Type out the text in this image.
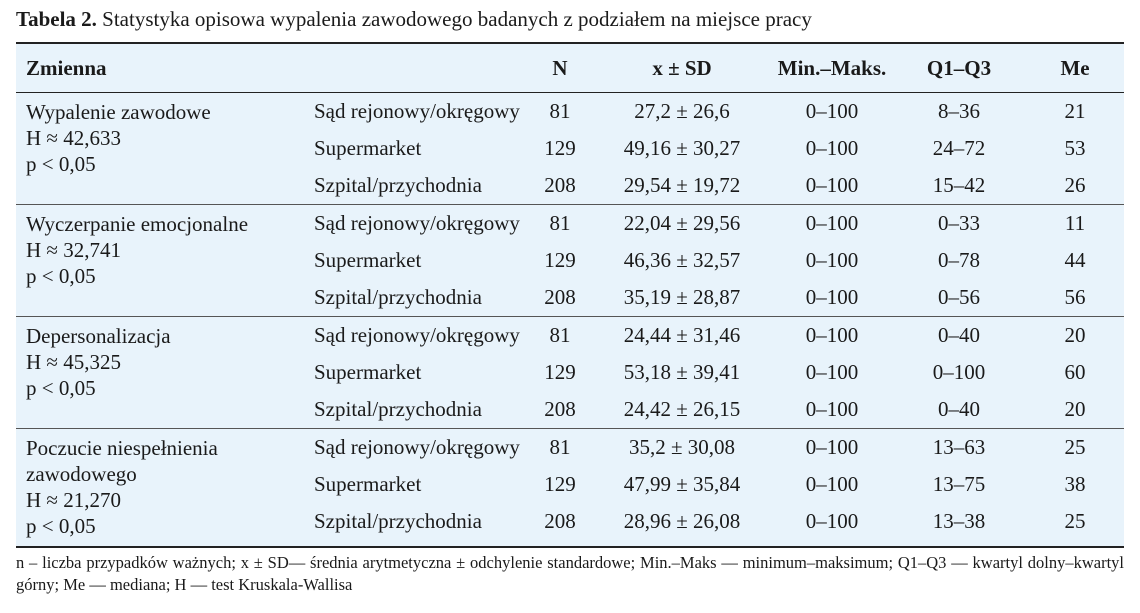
Tabela 2. Statystyka opisowa wypalenia zawodowego badanych z podziałem na miejsce pracy
Zmienna		N	x ± SD	Min.–Maks.	Q1–Q3	Me

Wypalenie zawodowe
H ≈ 42,633
p < 0,05	Sąd rejonowy/okręgowy	81	27,2 ± 26,6	0–100	8–36	21
	Supermarket	129	49,16 ± 30,27	0–100	24–72	53
	Szpital/przychodnia	208	29,54 ± 19,72	0–100	15–42	26

Wyczerpanie emocjonalne
H ≈ 32,741
p < 0,05	Sąd rejonowy/okręgowy	81	22,04 ± 29,56	0–100	0–33	11
	Supermarket	129	46,36 ± 32,57	0–100	0–78	44
	Szpital/przychodnia	208	35,19 ± 28,87	0–100	0–56	56

Depersonalizacja
H ≈ 45,325
p < 0,05	Sąd rejonowy/okręgowy	81	24,44 ± 31,46	0–100	0–40	20
	Supermarket	129	53,18 ± 39,41	0–100	0–100	60
	Szpital/przychodnia	208	24,42 ± 26,15	0–100	0–40	20

Poczucie niespełnienia
zawodowego
H ≈ 21,270
p < 0,05	Sąd rejonowy/okręgowy	81	35,2 ± 30,08	0–100	13–63	25
	Supermarket	129	47,99 ± 35,84	0–100	13–75	38
	Szpital/przychodnia	208	28,96 ± 26,08	0–100	13–38	25
n – liczba przypadków ważnych; x ± SD— średnia arytmetyczna ± odchylenie standardowe; Min.–Maks — minimum–maksimum; Q1–Q3 — kwartyl dolny–kwartyl górny; Me — mediana; H — test Kruskala-Wallisa
